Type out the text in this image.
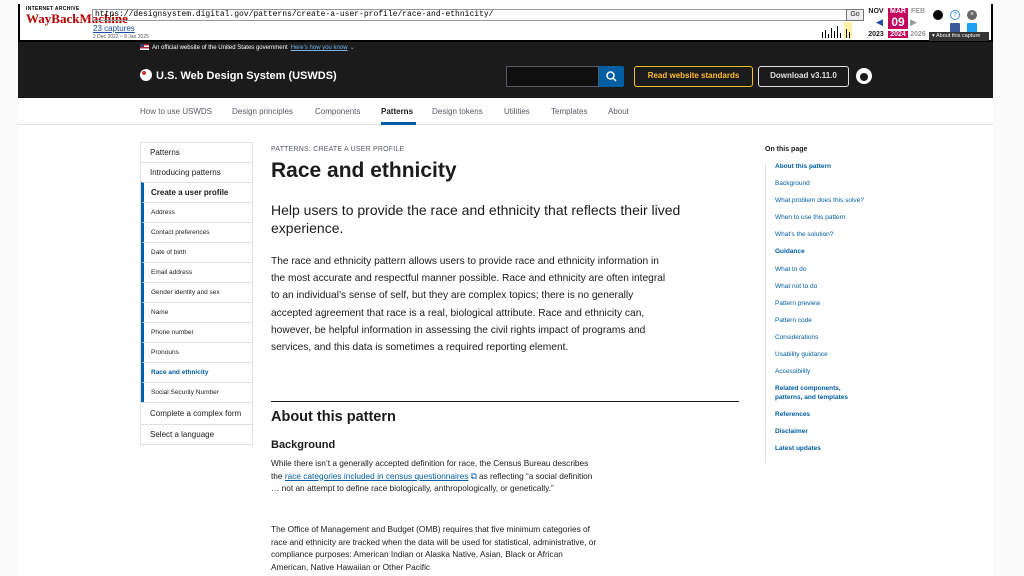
INTERNET ARCHIVE
WayBackMachine
https://designsystem.digital.gov/patterns/create-a-user-profile/race-and-ethnicity/	Go
23 captures
2 Dec 2022 – 9 Jan 2025
NOV MAR FEB
2023 2024 2026
09
◀	▶
?	×
▾ About this capture
An official website of the United States government Here’s how you know ⌄
U.S. Web Design System (USWDS)	Read website standards	Download v3.11.0
How to use USWDS Design principles	Components	Patterns Design tokens	Utilities	Templates	About
Patterns
Introducing patterns
Create a user profile
Address
Contact preferences
Date of birth
Email address
Gender identity and sex
Name
Phone number
Pronouns
Race and ethnicity
Social Security Number
Complete a complex form
Select a language
PATTERNS: CREATE A USER PROFILE
Race and ethnicity
Help users to provide the race and ethnicity that reflects their lived experience.
The race and ethnicity pattern allows users to provide race and ethnicity information in the most accurate and respectful manner possible. Race and ethnicity are often integral to an individual’s sense of self, but they are complex topics; there is no generally accepted agreement that race is a real, biological attribute. Race and ethnicity can, however, be helpful information in assessing the civil rights impact of programs and services, and this data is sometimes a required reporting element.
About this pattern
Background
While there isn’t a generally accepted definition for race, the Census Bureau describes the race categories included in census questionnaires ⧉ as reflecting “a social definition … not an attempt to define race biologically, anthropologically, or genetically.”
The Office of Management and Budget (OMB) requires that five minimum categories of race and ethnicity are tracked when the data will be used for statistical, administrative, or compliance purposes: American Indian or Alaska Native, Asian, Black or African American, Native Hawaiian or Other Pacific
On this page
About this pattern
Background
What problem does this solve?
When to use this pattern
What’s the solution?
Guidance
What to do
What not to do
Pattern preview
Pattern code
Considerations
Usability guidance
Accessibility
Related components, patterns, and templates
References
Disclaimer
Latest updates
